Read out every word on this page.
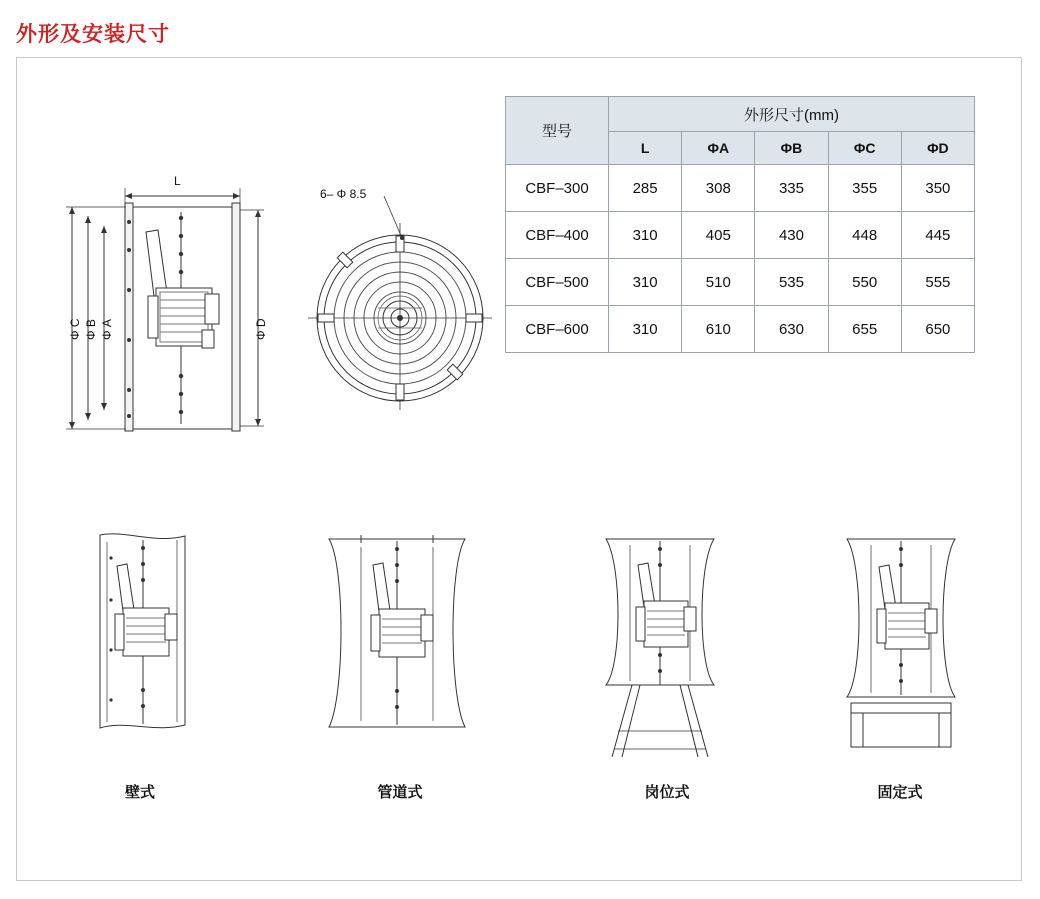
外形及安装尺寸
L
Φ C Φ B Φ A	Φ D
6– Φ 8.5
型号	外形尺寸(mm)				
	L	ΦA	ΦB	ΦC	ΦD
CBF–300	285	308	335	355	350
CBF–400	310	405	430	448	445
CBF–500	310	510	535	550	555
CBF–600	310	610	630	655	650
壁式	管道式	岗位式	固定式
